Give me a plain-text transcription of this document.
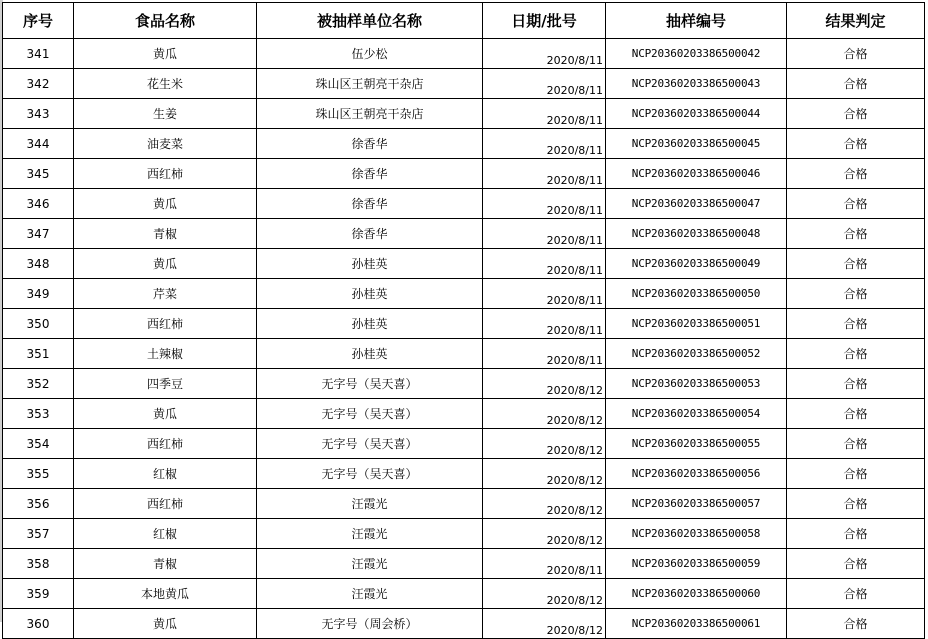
序号	食品名称	被抽样单位名称	日期/批号	抽样编号	结果判定
341	黄瓜	伍少松	2020/8/11	NCP20360203386500042	合格
342	花生米	珠山区王朝亮干杂店	2020/8/11	NCP20360203386500043	合格
343	生姜	珠山区王朝亮干杂店	2020/8/11	NCP20360203386500044	合格
344	油麦菜	徐香华	2020/8/11	NCP20360203386500045	合格
345	西红柿	徐香华	2020/8/11	NCP20360203386500046	合格
346	黄瓜	徐香华	2020/8/11	NCP20360203386500047	合格
347	青椒	徐香华	2020/8/11	NCP20360203386500048	合格
348	黄瓜	孙桂英	2020/8/11	NCP20360203386500049	合格
349	芹菜	孙桂英	2020/8/11	NCP20360203386500050	合格
350	西红柿	孙桂英	2020/8/11	NCP20360203386500051	合格
351	土辣椒	孙桂英	2020/8/11	NCP20360203386500052	合格
352	四季豆	无字号（吴天喜）	2020/8/12	NCP20360203386500053	合格
353	黄瓜	无字号（吴天喜）	2020/8/12	NCP20360203386500054	合格
354	西红柿	无字号（吴天喜）	2020/8/12	NCP20360203386500055	合格
355	红椒	无字号（吴天喜）	2020/8/12	NCP20360203386500056	合格
356	西红柿	汪霞光	2020/8/12	NCP20360203386500057	合格
357	红椒	汪霞光	2020/8/12	NCP20360203386500058	合格
358	青椒	汪霞光	2020/8/11	NCP20360203386500059	合格
359	本地黄瓜	汪霞光	2020/8/12	NCP20360203386500060	合格
360	黄瓜	无字号（周会桥）	2020/8/12	NCP20360203386500061	合格
